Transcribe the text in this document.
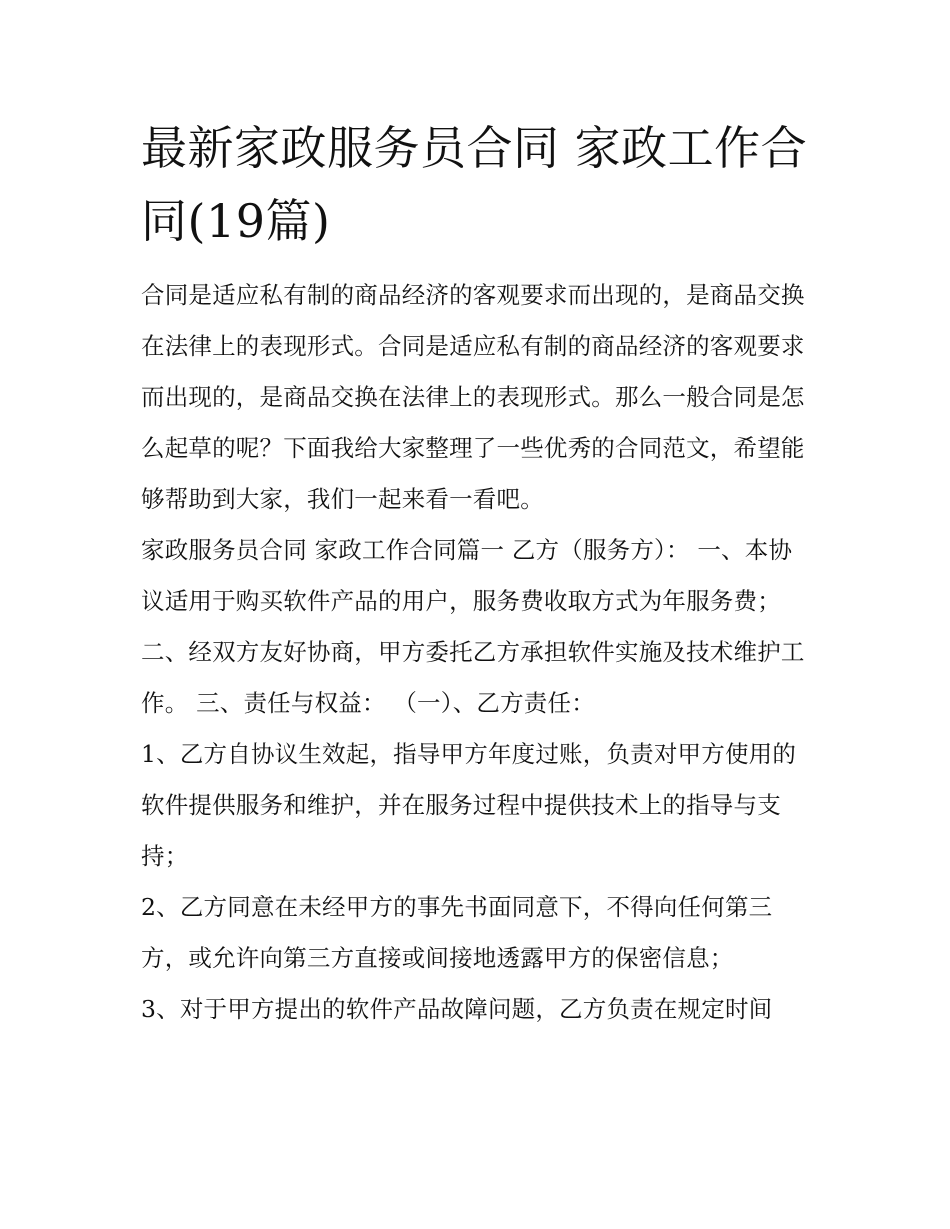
最新家政服务员合同 家政工作合同(19篇)

合同是适应私有制的商品经济的客观要求而出现的，是商品交换在法律上的表现形式。合同是适应私有制的商品经济的客观要求而出现的，是商品交换在法律上的表现形式。那么一般合同是怎么起草的呢？下面我给大家整理了一些优秀的合同范文，希望能够帮助到大家，我们一起来看一看吧。

家政服务员合同 家政工作合同篇一 乙方（服务方）： 一、本协议适用于购买软件产品的用户，服务费收取方式为年服务费；

二、经双方友好协商，甲方委托乙方承担软件实施及技术维护工作。 三、责任与权益： （一）、乙方责任：

1、乙方自协议生效起，指导甲方年度过账，负责对甲方使用的软件提供服务和维护，并在服务过程中提供技术上的指导与支持；

2、乙方同意在未经甲方的事先书面同意下，不得向任何第三方，或允许向第三方直接或间接地透露甲方的保密信息；

3、对于甲方提出的软件产品故障问题，乙方负责在规定时间
